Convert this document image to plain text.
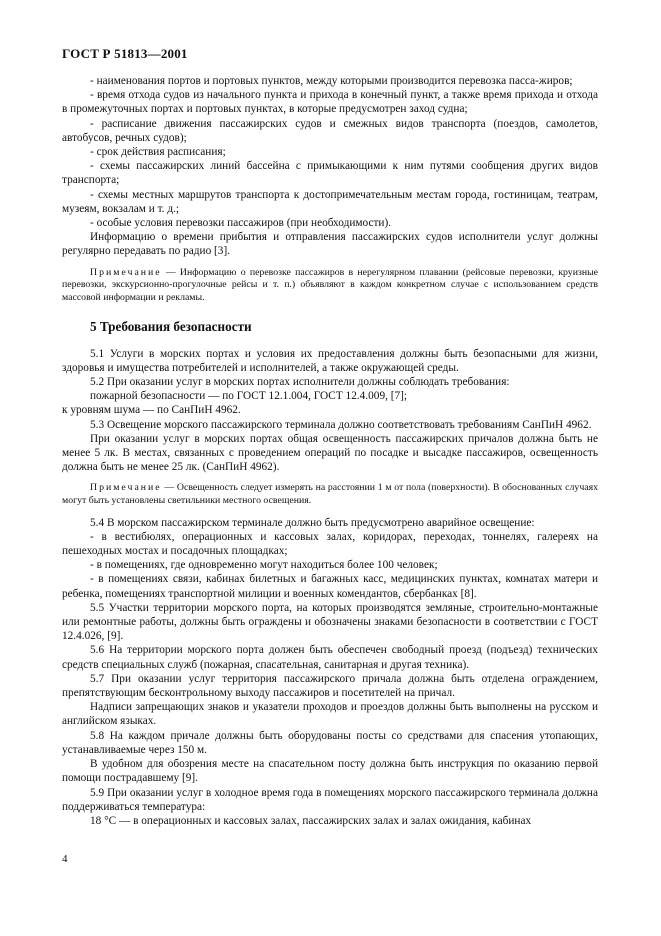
ГОСТ Р 51813—2001

- наименования портов и портовых пунктов, между которыми производится перевозка пасса-жиров;

- время отхода судов из начального пункта и прихода в конечный пункт, а также время прихода и отхода в промежуточных портах и портовых пунктах, в которые предусмотрен заход судна;

- расписание движения пассажирских судов и смежных видов транспорта (поездов, самолетов, автобусов, речных судов);

- срок действия расписания;

- схемы пассажирских линий бассейна с примыкающими к ним путями сообщения других видов транспорта;

- схемы местных маршрутов транспорта к достопримечательным местам города, гостиницам, театрам, музеям, вокзалам и т. д.;

- особые условия перевозки пассажиров (при необходимости).

Информацию о времени прибытия и отправления пассажирских судов исполнители услуг должны регулярно передавать по радио [3].

Примечание — Информацию о перевозке пассажиров в нерегулярном плавании (рейсовые перевозки, круизные перевозки, экскурсионно-прогулочные рейсы и т. п.) объявляют в каждом конкретном случае с использованием средств массовой информации и рекламы.

5 Требования безопасности

5.1 Услуги в морских портах и условия их предоставления должны быть безопасными для жизни, здоровья и имущества потребителей и исполнителей, а также окружающей среды.

5.2 При оказании услуг в морских портах исполнители должны соблюдать требования:

пожарной безопасности — по ГОСТ 12.1.004, ГОСТ 12.4.009, [7];

к уровням шума — по СанПиН 4962.

5.3 Освещение морского пассажирского терминала должно соответствовать требованиям СанПиН 4962.

При оказании услуг в морских портах общая освещенность пассажирских причалов должна быть не менее 5 лк. В местах, связанных с проведением операций по посадке и высадке пассажиров, освещенность должна быть не менее 25 лк. (СанПиН 4962).

Примечание — Освещенность следует измерять на расстоянии 1 м от пола (поверхности). В обоснованных случаях могут быть установлены светильники местного освещения.

5.4 В морском пассажирском терминале должно быть предусмотрено аварийное освещение:

- в вестибюлях, операционных и кассовых залах, коридорах, переходах, тоннелях, галереях на пешеходных мостах и посадочных площадках;

- в помещениях, где одновременно могут находиться более 100 человек;

- в помещениях связи, кабинах билетных и багажных касс, медицинских пунктах, комнатах матери и ребенка, помещениях транспортной милиции и военных комендантов, сбербанках [8].

5.5 Участки территории морского порта, на которых производятся земляные, строительно-монтажные или ремонтные работы, должны быть ограждены и обозначены знаками безопасности в соответствии с ГОСТ 12.4.026, [9].

5.6 На территории морского порта должен быть обеспечен свободный проезд (подъезд) технических средств специальных служб (пожарная, спасательная, санитарная и другая техника).

5.7 При оказании услуг территория пассажирского причала должна быть отделена ограждением, препятствующим бесконтрольному выходу пассажиров и посетителей на причал.

Надписи запрещающих знаков и указатели проходов и проездов должны быть выполнены на русском и английском языках.

5.8 На каждом причале должны быть оборудованы посты со средствами для спасения утопающих, устанавливаемые через 150 м.

В удобном для обозрения месте на спасательном посту должна быть инструкция по оказанию первой помощи пострадавшему [9].

5.9 При оказании услуг в холодное время года в помещениях морского пассажирского терминала должна поддерживаться температура:

18 °С — в операционных и кассовых залах, пассажирских залах и залах ожидания, кабинах

4
